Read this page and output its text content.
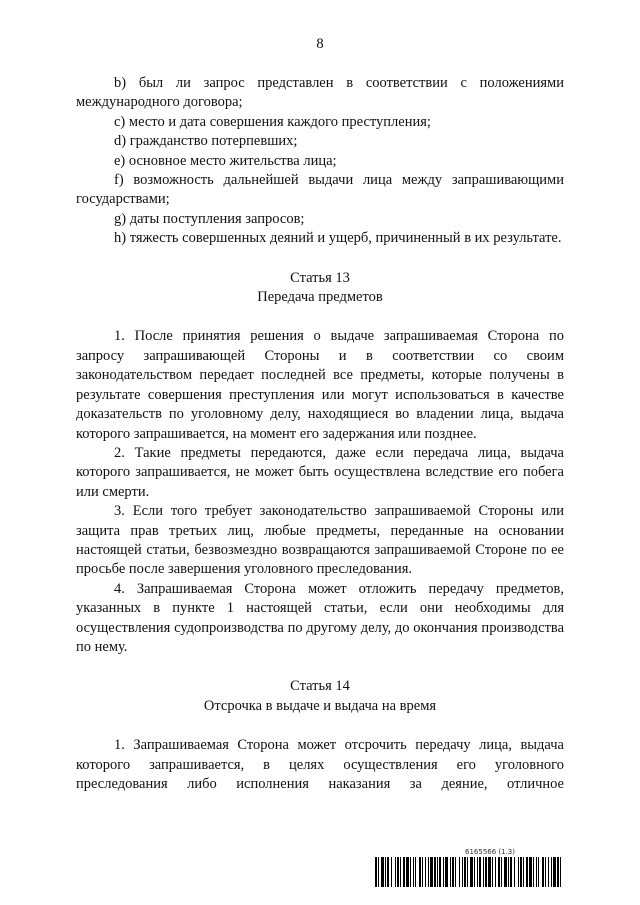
8

b) был ли запрос представлен в соответствии с положениями международного договора;

c) место и дата совершения каждого преступления;

d) гражданство потерпевших;

e) основное место жительства лица;

f) возможность дальнейшей выдачи лица между запрашивающими государствами;

g) даты поступления запросов;

h) тяжесть совершенных деяний и ущерб, причиненный в их результате.

Статья 13

Передача предметов

1. После принятия решения о выдаче запрашиваемая Сторона по запросу запрашивающей Стороны и в соответствии со своим законодательством передает последней все предметы, которые получены в результате совершения преступления или могут использоваться в качестве доказательств по уголовному делу, находящиеся во владении лица, выдача которого запрашивается, на момент его задержания или позднее.

2. Такие предметы передаются, даже если передача лица, выдача которого запрашивается, не может быть осуществлена вследствие его побега или смерти.

3. Если того требует законодательство запрашиваемой Стороны или защита прав третьих лиц, любые предметы, переданные на основании настоящей статьи, безвозмездно возвращаются запрашиваемой Стороне по ее просьбе после завершения уголовного преследования.

4. Запрашиваемая Сторона может отложить передачу предметов, указанных в пункте 1 настоящей статьи, если они необходимы для осуществления судопроизводства по другому делу, до окончания производства по нему.

Статья 14

Отсрочка в выдаче и выдача на время

1. Запрашиваемая Сторона может отсрочить передачу лица, выдача которого запрашивается, в целях осуществления его уголовного преследования либо исполнения наказания за деяние, отличное

6165566 (1.3)
